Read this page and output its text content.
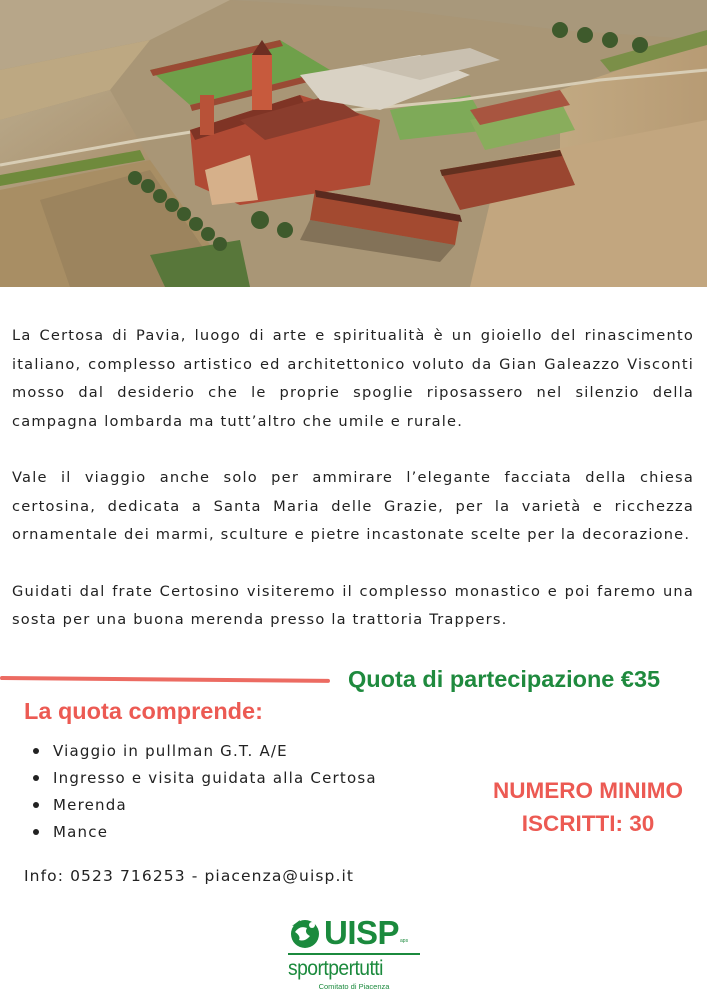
La Certosa di Pavia, luogo di arte e spiritualità è un gioiello del rinascimento italiano, complesso artistico ed architettonico voluto da Gian Galeazzo Visconti mosso dal desiderio che le proprie spoglie riposassero nel silenzio della campagna lombarda ma tutt’altro che umile e rurale.

Vale il viaggio anche solo per ammirare l’elegante facciata della chiesa certosina, dedicata a Santa Maria delle Grazie, per la varietà e ricchezza ornamentale dei marmi, sculture e pietre incastonate scelte per la decorazione.

Guidati dal frate Certosino visiteremo il complesso monastico e poi faremo una sosta per una buona merenda presso la trattoria Trappers.

Quota di partecipazione €35
La quota comprende:
Viaggio in pullman G.T. A/E
Ingresso e visita guidata alla Certosa
Merenda
Mance
NUMERO MINIMO
ISCRITTI: 30
Info: 0523 716253 - piacenza@uisp.it
UISP aps
sportpertutti
Comitato di Piacenza
